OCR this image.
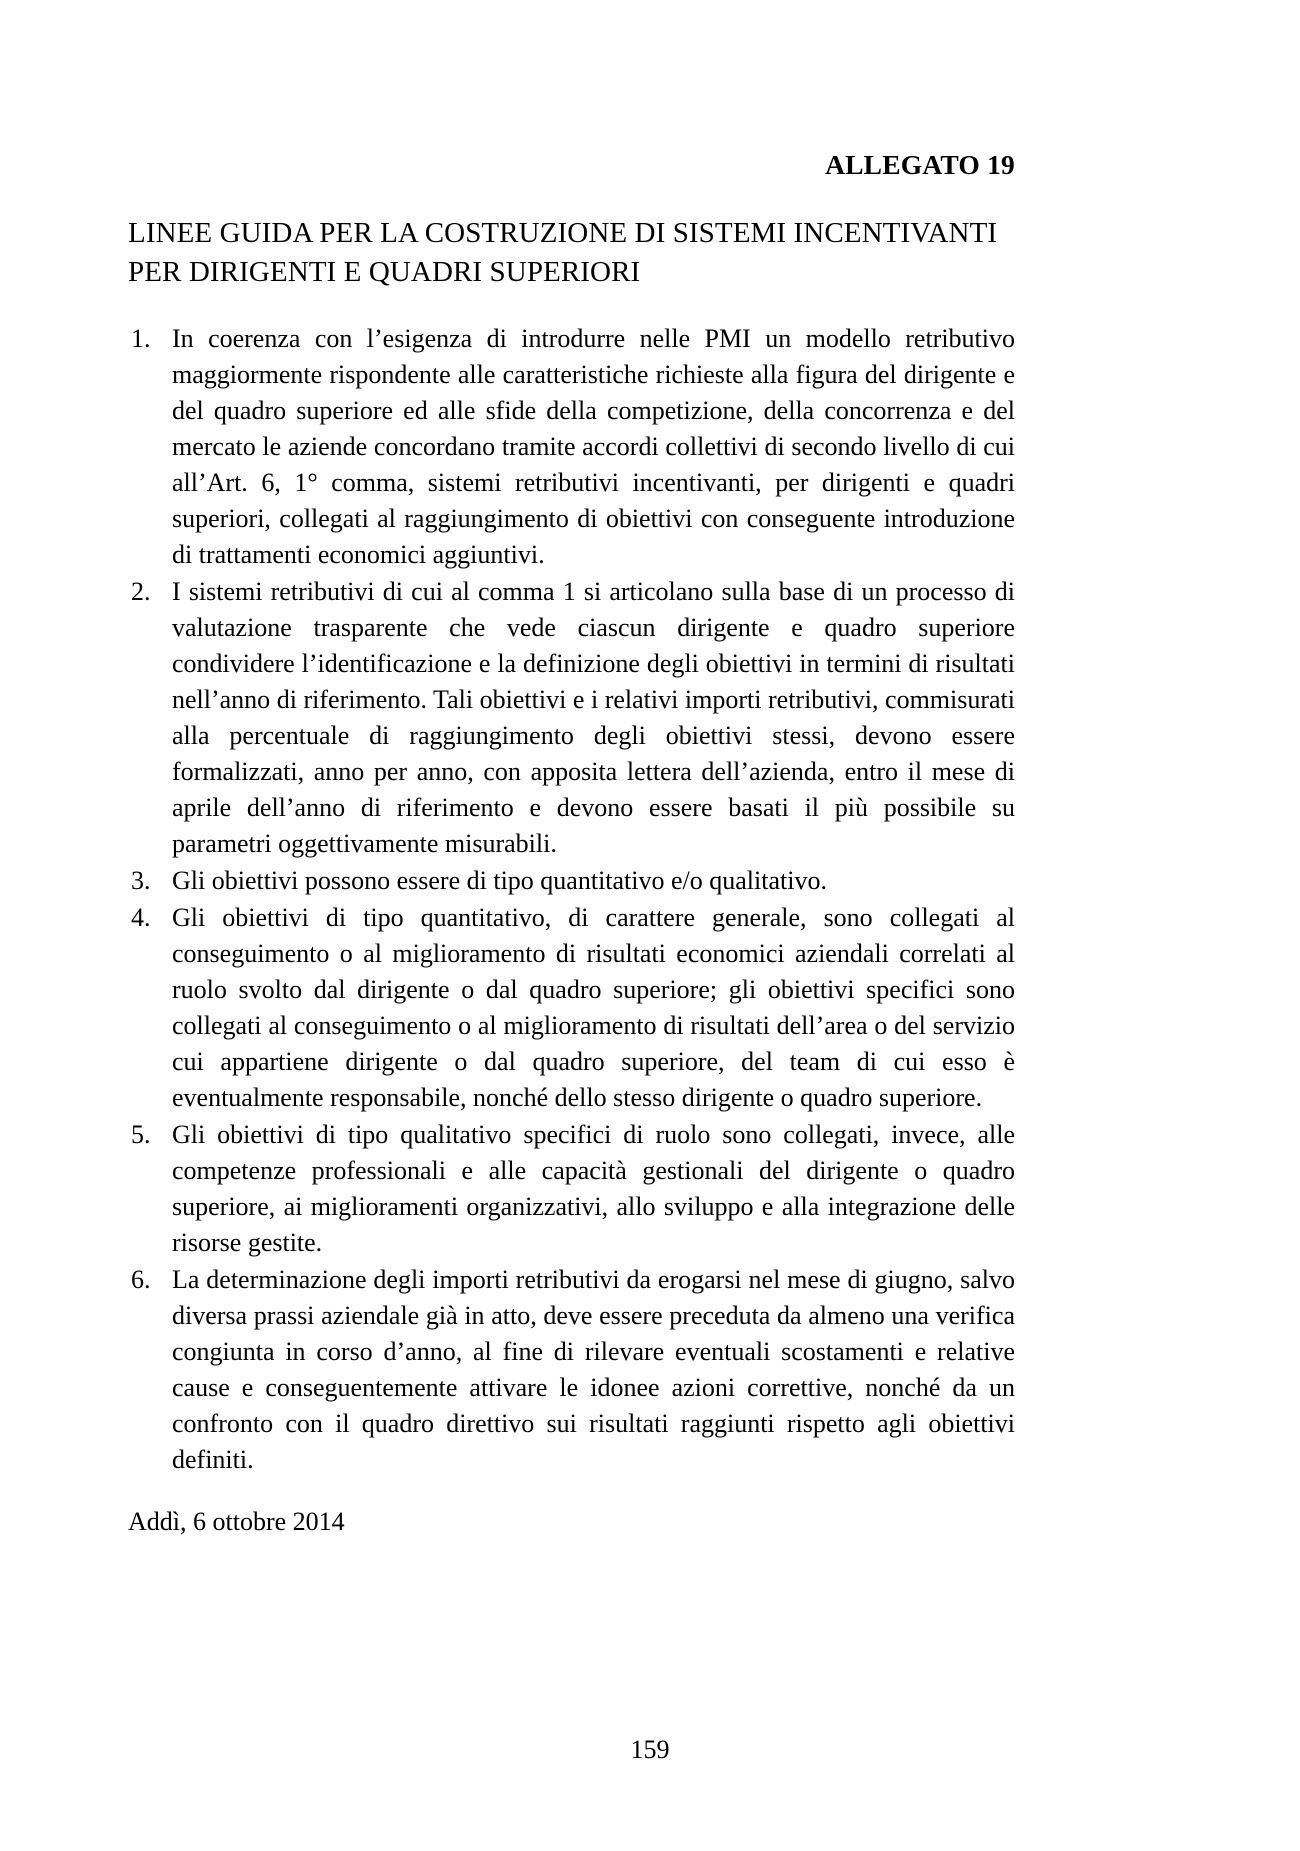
ALLEGATO 19
LINEE GUIDA PER LA COSTRUZIONE DI SISTEMI INCENTIVANTI
PER DIRIGENTI E QUADRI SUPERIORI
1. In coerenza con l’esigenza di introdurre nelle PMI un modello retributivo maggiormente rispondente alle caratteristiche richieste alla figura del dirigente e del quadro superiore ed alle sfide della competizione, della concorrenza e del mercato le aziende concordano tramite accordi collettivi di secondo livello di cui all’Art. 6, 1° comma, sistemi retributivi incentivanti, per dirigenti e quadri superiori, collegati al raggiungimento di obiettivi con conseguente introduzione di trattamenti economici aggiuntivi.
2. I sistemi retributivi di cui al comma 1 si articolano sulla base di un processo di valutazione trasparente che vede ciascun dirigente e quadro superiore condividere l’identificazione e la definizione degli obiettivi in termini di risultati nell’anno di riferimento. Tali obiettivi e i relativi importi retributivi, commisurati alla percentuale di raggiungimento degli obiettivi stessi, devono essere formalizzati, anno per anno, con apposita lettera dell’azienda, entro il mese di aprile dell’anno di riferimento e devono essere basati il più possibile su parametri oggettivamente misurabili.
3. Gli obiettivi possono essere di tipo quantitativo e/o qualitativo.
4. Gli obiettivi di tipo quantitativo, di carattere generale, sono collegati al conseguimento o al miglioramento di risultati economici aziendali correlati al ruolo svolto dal dirigente o dal quadro superiore; gli obiettivi specifici sono collegati al conseguimento o al miglioramento di risultati dell’area o del servizio cui appartiene dirigente o dal quadro superiore, del team di cui esso è eventualmente responsabile, nonché dello stesso dirigente o quadro superiore.
5. Gli obiettivi di tipo qualitativo specifici di ruolo sono collegati, invece, alle competenze professionali e alle capacità gestionali del dirigente o quadro superiore, ai miglioramenti organizzativi, allo sviluppo e alla integrazione delle risorse gestite.
6. La determinazione degli importi retributivi da erogarsi nel mese di giugno, salvo diversa prassi aziendale già in atto, deve essere preceduta da almeno una verifica congiunta in corso d’anno, al fine di rilevare eventuali scostamenti e relative cause e conseguentemente attivare le idonee azioni correttive, nonché da un confronto con il quadro direttivo sui risultati raggiunti rispetto agli obiettivi definiti.
Addì, 6 ottobre 2014
159
